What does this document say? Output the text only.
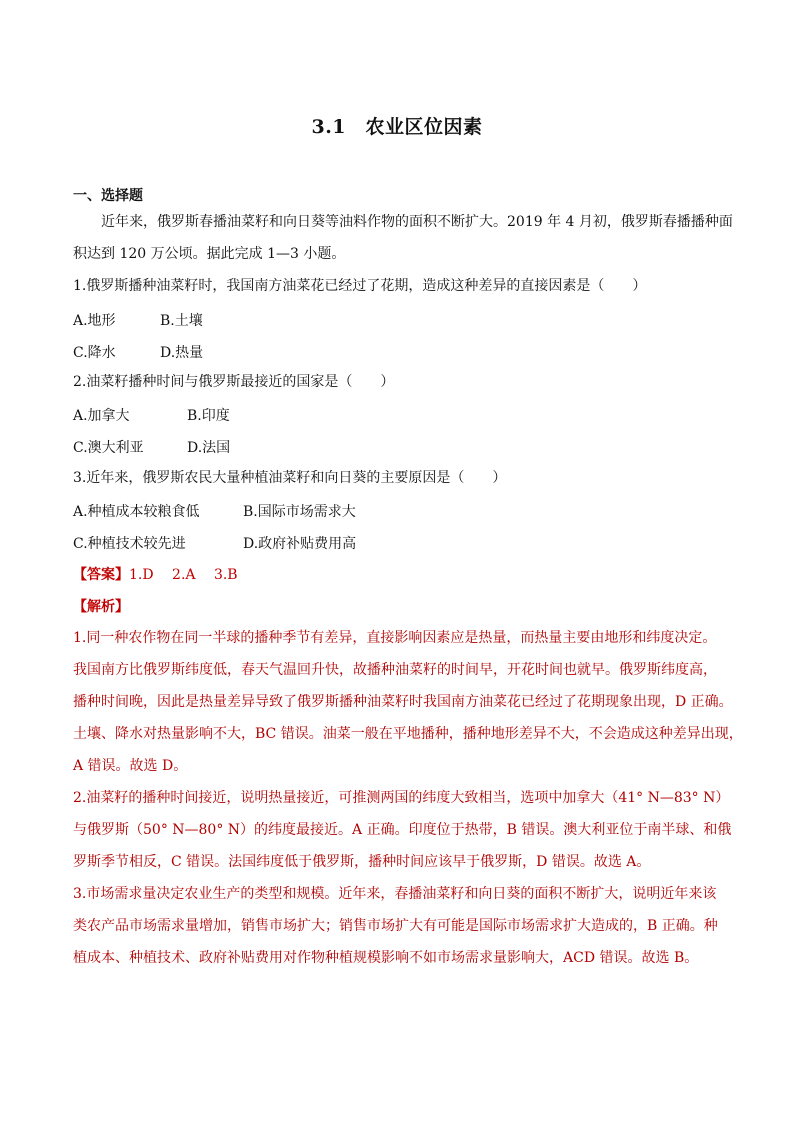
3.1　农业区位因素
一、选择题
近年来，俄罗斯春播油菜籽和向日葵等油料作物的面积不断扩大。2019 年 4 月初，俄罗斯春播播种面
积达到 120 万公顷。据此完成 1—3 小题。
1.俄罗斯播种油菜籽时，我国南方油菜花已经过了花期，造成这种差异的直接因素是（　　）
A.地形	B.土壤
C.降水	D.热量
2.油菜籽播种时间与俄罗斯最接近的国家是（　　）
A.加拿大	B.印度
C.澳大利亚	D.法国
3.近年来，俄罗斯农民大量种植油菜籽和向日葵的主要原因是（　　）
A.种植成本较粮食低	B.国际市场需求大
C.种植技术较先进	D.政府补贴费用高
【答案】1.D　 2.A　 3.B
【解析】
1.同一种农作物在同一半球的播种季节有差异，直接影响因素应是热量，而热量主要由地形和纬度决定。
我国南方比俄罗斯纬度低，春天气温回升快，故播种油菜籽的时间早，开花时间也就早。俄罗斯纬度高，
播种时间晚，因此是热量差异导致了俄罗斯播种油菜籽时我国南方油菜花已经过了花期现象出现，D 正确。
土壤、降水对热量影响不大，BC 错误。油菜一般在平地播种，播种地形差异不大，不会造成这种差异出现，
A 错误。故选 D。
2.油菜籽的播种时间接近，说明热量接近，可推测两国的纬度大致相当，选项中加拿大（41° N—83° N）
与俄罗斯（50° N—80° N）的纬度最接近。A 正确。印度位于热带，B 错误。澳大利亚位于南半球、和俄
罗斯季节相反，C 错误。法国纬度低于俄罗斯，播种时间应该早于俄罗斯，D 错误。故选 A。
3.市场需求量决定农业生产的类型和规模。近年来，春播油菜籽和向日葵的面积不断扩大，说明近年来该
类农产品市场需求量增加，销售市场扩大；销售市场扩大有可能是国际市场需求扩大造成的，B 正确。种
植成本、种植技术、政府补贴费用对作物种植规模影响不如市场需求量影响大，ACD 错误。故选 B。
